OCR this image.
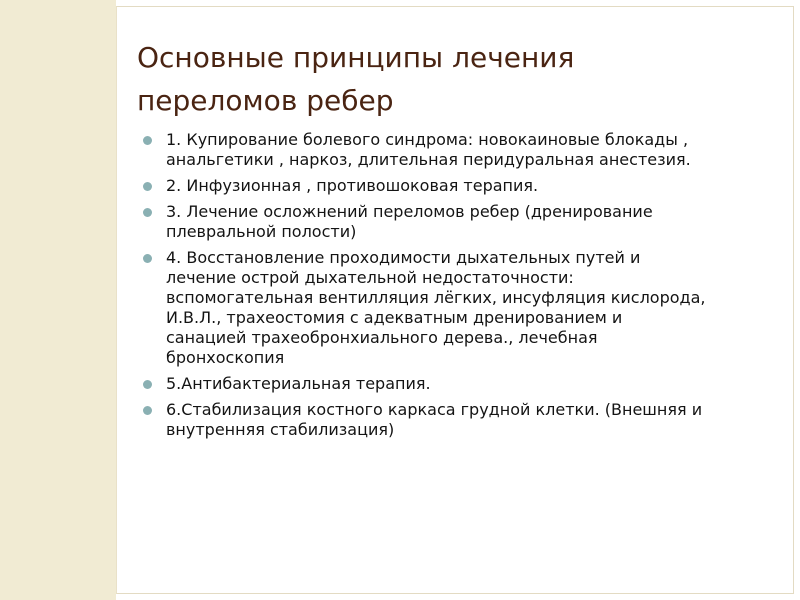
Основные принципы лечения
переломов ребер
1. Купирование болевого синдрома: новокаиновые блокады ,
анальгетики , наркоз, длительная перидуральная анестезия.
2. Инфузионная , противошоковая терапия.
3. Лечение осложнений переломов ребер (дренирование
плевральной полости)
4. Восстановление проходимости дыхательных путей и
лечение острой дыхательной недостаточности:
вспомогательная вентилляция лёгких, инсуфляция кислорода,
И.В.Л., трахеостомия с адекватным дренированием и
санацией трахеобронхиального дерева., лечебная
бронхоскопия
5.Антибактериальная терапия.
6.Стабилизация костного каркаса грудной клетки. (Внешняя и
внутренняя стабилизация)
